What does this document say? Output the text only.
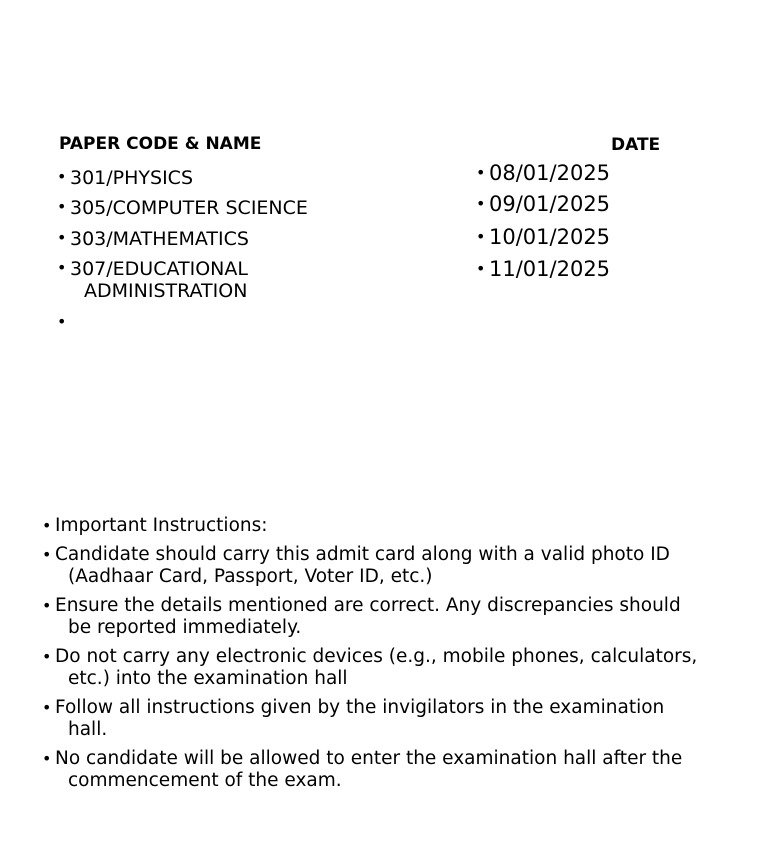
PAPER CODE & NAME	DATE
• 301/PHYSICS
• 305/COMPUTER SCIENCE
• 303/MATHEMATICS
• 307/EDUCATIONAL
ADMINISTRATION
•
• 08/01/2025
• 09/01/2025
• 10/01/2025
• 11/01/2025
• Important Instructions:
• Candidate should carry this admit card along with a valid photo ID
(Aadhaar Card, Passport, Voter ID, etc.)
• Ensure the details mentioned are correct. Any discrepancies should
be reported immediately.
• Do not carry any electronic devices (e.g., mobile phones, calculators,
etc.) into the examination hall
• Follow all instructions given by the invigilators in the examination
hall.
• No candidate will be allowed to enter the examination hall after the
commencement of the exam.
